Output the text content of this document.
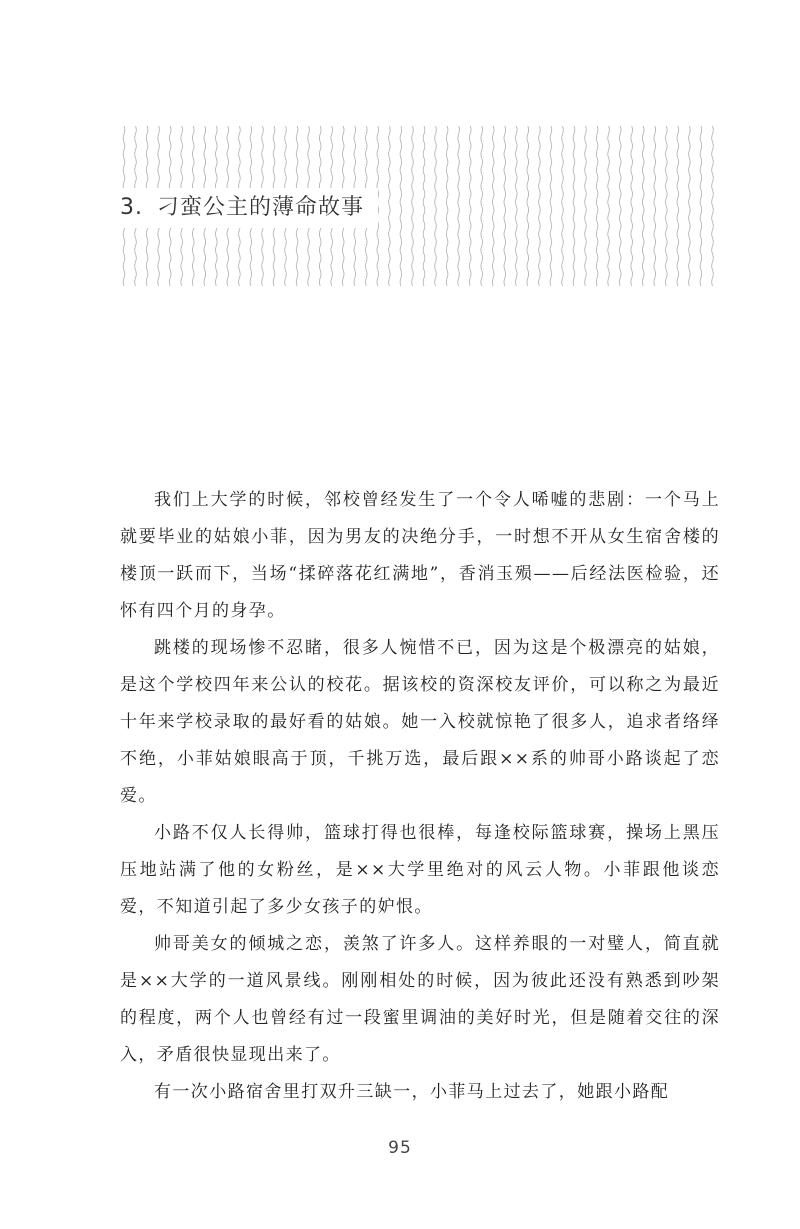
3. 刁蛮公主的薄命故事

我们上大学的时候，邻校曾经发生了一个令人唏嘘的悲剧：一个马上就要毕业的姑娘小菲，因为男友的决绝分手，一时想不开从女生宿舍楼的楼顶一跃而下，当场“揉碎落花红满地”，香消玉殒——后经法医检验，还怀有四个月的身孕。

跳楼的现场惨不忍睹，很多人惋惜不已，因为这是个极漂亮的姑娘，是这个学校四年来公认的校花。据该校的资深校友评价，可以称之为最近十年来学校录取的最好看的姑娘。她一入校就惊艳了很多人，追求者络绎不绝，小菲姑娘眼高于顶，千挑万选，最后跟××系的帅哥小路谈起了恋爱。

小路不仅人长得帅，篮球打得也很棒，每逢校际篮球赛，操场上黑压压地站满了他的女粉丝，是××大学里绝对的风云人物。小菲跟他谈恋爱，不知道引起了多少女孩子的妒恨。

帅哥美女的倾城之恋，羡煞了许多人。这样养眼的一对璧人，简直就是××大学的一道风景线。刚刚相处的时候，因为彼此还没有熟悉到吵架的程度，两个人也曾经有过一段蜜里调油的美好时光，但是随着交往的深入，矛盾很快显现出来了。

有一次小路宿舍里打双升三缺一，小菲马上过去了，她跟小路配

95
